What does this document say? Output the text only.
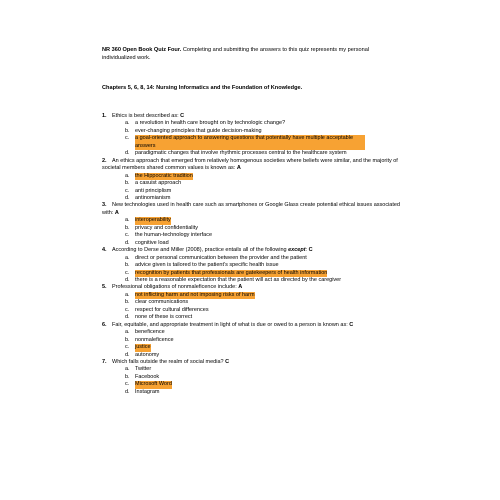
NR 360 Open Book Quiz Four. Completing and submitting the answers to this quiz represents my personal individualized work.
Chapters 5, 6, 8, 14: Nursing Informatics and the Foundation of Knowledge.

1. Ethics is best described as: C

a. a revolution in health care brought on by technologic change?
b. ever-changing principles that guide decision-making
c. a goal-oriented approach to answering questions that potentially have multiple acceptable answers
d. paradigmatic changes that involve rhythmic processes central to the healthcare system

2. An ethics approach that emerged from relatively homogenous societies where beliefs were similar, and the majority of societal members shared common values is known as: A

a. the Hippocratic tradition
b. a casuist approach
c. anti principlism
d. antinomianism

3. New technologies used in health care such as smartphones or Google Glass create potential ethical issues associated with: A

a. interoperability
b. privacy and confidentiality
c. the human-technology interface
d. cognitive load

4. According to Derse and Miller (2008), practice entails all of the following except: C

a. direct or personal communication between the provider and the patient
b. advice given is tailored to the patient’s specific health issue
c. recognition by patients that professionals are gatekeepers of health information
d. there is a reasonable expectation that the patient will act as directed by the caregiver

5. Professional obligations of nonmaleficence include: A

a. not inflicting harm and not imposing risks of harm
b. clear communications
c. respect for cultural differences
d. none of these is correct

6. Fair, equitable, and appropriate treatment in light of what is due or owed to a person is known as: C

a. beneficence
b. nonmaleficence
c. justice
d. autonomy

7. Which falls outside the realm of social media? C

a. Twitter
b. Facebook
c. Microsoft Word
d. Instagram
